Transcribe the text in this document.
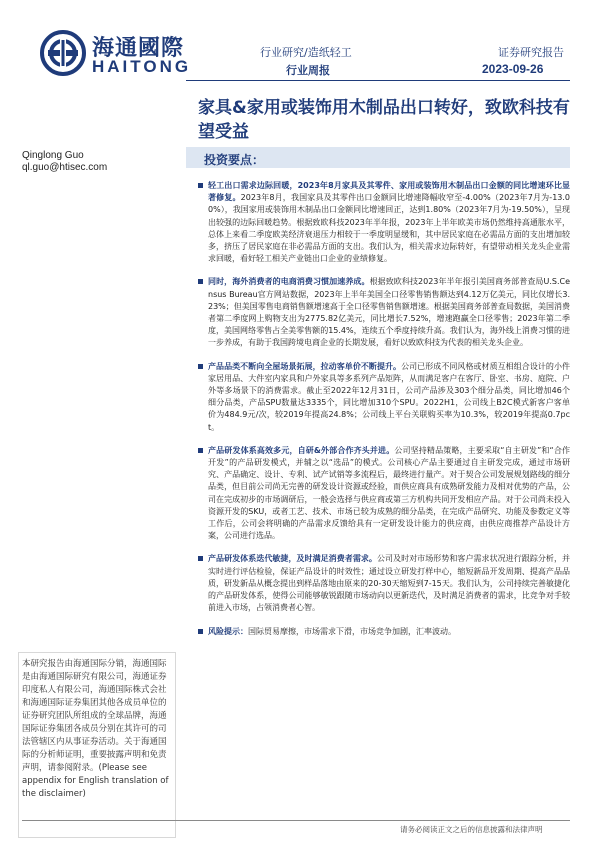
海通國際
HAITONG
行业研究/造纸轻工
行业周报
证券研究报告
2023-09-26
家具&家用或装饰用木制品出口转好，致欧科技有望受益
Qinglong Guo
ql.guo@htisec.com
投资要点：
轻工出口需求边际回暖，2023年8月家具及其零件、家用或装饰用木制品出口金额的同比增速环比显著修复。2023年8月，我国家具及其零件出口金额同比增速降幅收窄至-4.00%（2023年7月为-13.00%），我国家用或装饰用木制品出口金额同比增速回正，达到1.80%（2023年7月为-19.50%），呈现出较强的边际回暖趋势。根据致欧科技2023年半年报，2023年上半年欧美市场仍然维持高通胀水平，总体上来看二季度欧美经济衰退压力相较于一季度明显缓和，其中居民家庭在必需品方面的支出增加较多，挤压了居民家庭在非必需品方面的支出。我们认为，相关需求边际转好，有望带动相关龙头企业需求回暖，看好轻工相关产业链出口企业的业绩修复。
同时，海外消费者的电商消费习惯加速养成。根据致欧科技2023年半年报引美国商务部普查局U.S.Census Bureau官方网站数据，2023年上半年美国全口径零售销售额达到4.12万亿美元，同比仅增长3.23%；但美国零售电商销售额增速高于全口径零售销售额增速。根据美国商务部普查局数据，美国消费者第二季度网上购物支出为2775.82亿美元，同比增长7.52%，增速跑赢全口径零售；2023年第二季度，美国网络零售占全美零售额的15.4%，连续五个季度持续升高。我们认为，海外线上消费习惯的进一步养成，有助于我国跨境电商企业的长期发展，看好以致欧科技为代表的相关龙头企业。
产品品类不断向全屋场景拓展，拉动客单价不断提升。公司已形成不同风格或材质互相组合设计的小件家居用品、大件室内家具和户外家具等多系列产品矩阵，从而满足客户在客厅、卧室、书房、庭院、户外等多场景下的消费需求。截止至2022年12月31日，公司产品涉及303个细分品类，同比增加46个细分品类，产品SPU数量达3335个，同比增加310个SPU。2022H1，公司线上B2C模式新客户客单价为484.9元/次，较2019年提高24.8%；公司线上平台关联购买率为10.3%，较2019年提高0.7pct。
产品研发体系高效多元，自研&外部合作齐头并进。公司坚持精品策略，主要采取“自主研发”和“合作开发”的产品研发模式，并辅之以“选品”的模式。公司核心产品主要通过自主研发完成，通过市场研究、产品确定、设计、专利、试产试销等多流程后，最终进行量产。对于契合公司发展规划路线的细分品类，但目前公司尚无完善的研发设计资源或经验，而供应商具有成熟研发能力及相对优势的产品，公司在完成初步的市场调研后，一般会选择与供应商或第三方机构共同开发相应产品。对于公司尚未投入资源开发的SKU，或者工艺、技术、市场已较为成熟的细分品类，在完成产品研究、功能及参数定义等工作后，公司会将明确的产品需求反馈给具有一定研发设计能力的供应商，由供应商推荐产品设计方案，公司进行选品。
产品研发体系迭代敏捷，及时满足消费者需求。公司及时对市场形势和客户需求状况进行跟踪分析，并实时进行评估检验，保证产品设计的时效性；通过设立研发打样中心，缩短新品开发周期、提高产品品质，研发新品从概念提出到样品落地由原来的20-30天缩短到7-15天。我们认为，公司持续完善敏捷化的产品研发体系，使得公司能够敏锐跟随市场动向以更新迭代，及时满足消费者的需求，比竞争对手较前进入市场，占领消费者心智。
风险提示：国际贸易摩擦，市场需求下滑，市场竞争加剧，汇率波动。
本研究报告由海通国际分销，海通国际是由海通国际研究有限公司，海通证券印度私人有限公司，海通国际株式会社和海通国际证券集团其他各成员单位的证券研究团队所组成的全球品牌，海通国际证券集团各成员分别在其许可的司法管辖区内从事证券活动。关于海通国际的分析师证明，重要披露声明和免责声明，请参阅附录。(Please see appendix for English translation of the disclaimer)
请务必阅读正文之后的信息披露和法律声明
